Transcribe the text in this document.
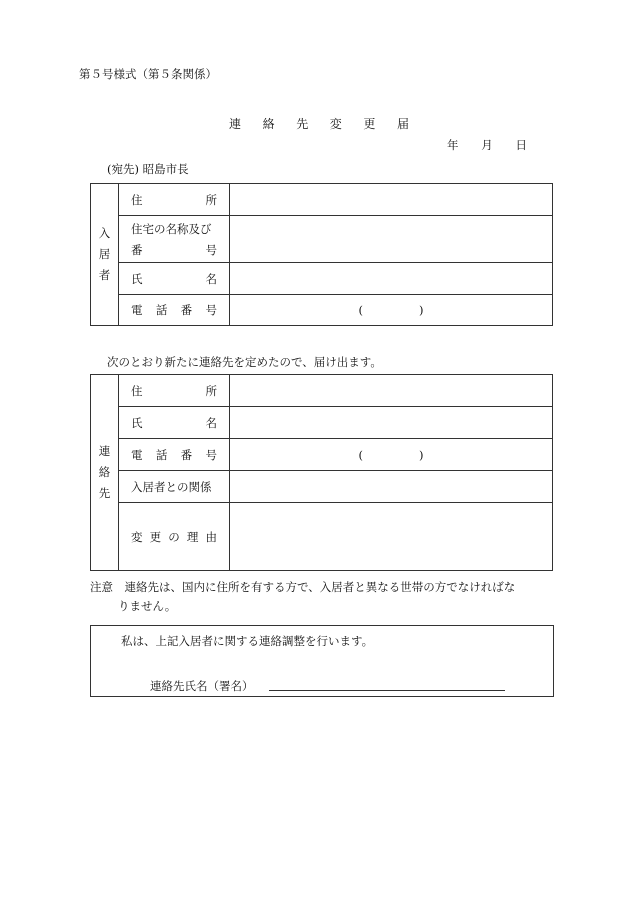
第５号様式（第５条関係）
連 絡 先 変 更 届
年 月 日
(宛先) 昭島市長
入
居
者	住 所	

	住宅の名称及び
番 号	

	氏 名	

	電 話 番 号	( )
次のとおり新たに連絡先を定めたので、届け出ます。
連
絡
先	住 所	

	氏 名	

	電 話 番 号	( )

	入居者との関係	

	変 更 の 理 由	

注意　連絡先は、国内に住所を有する方で、入居者と異なる世帯の方でなければな
りません。
私は、上記入居者に関する連絡調整を行います。
連絡先氏名（署名）
